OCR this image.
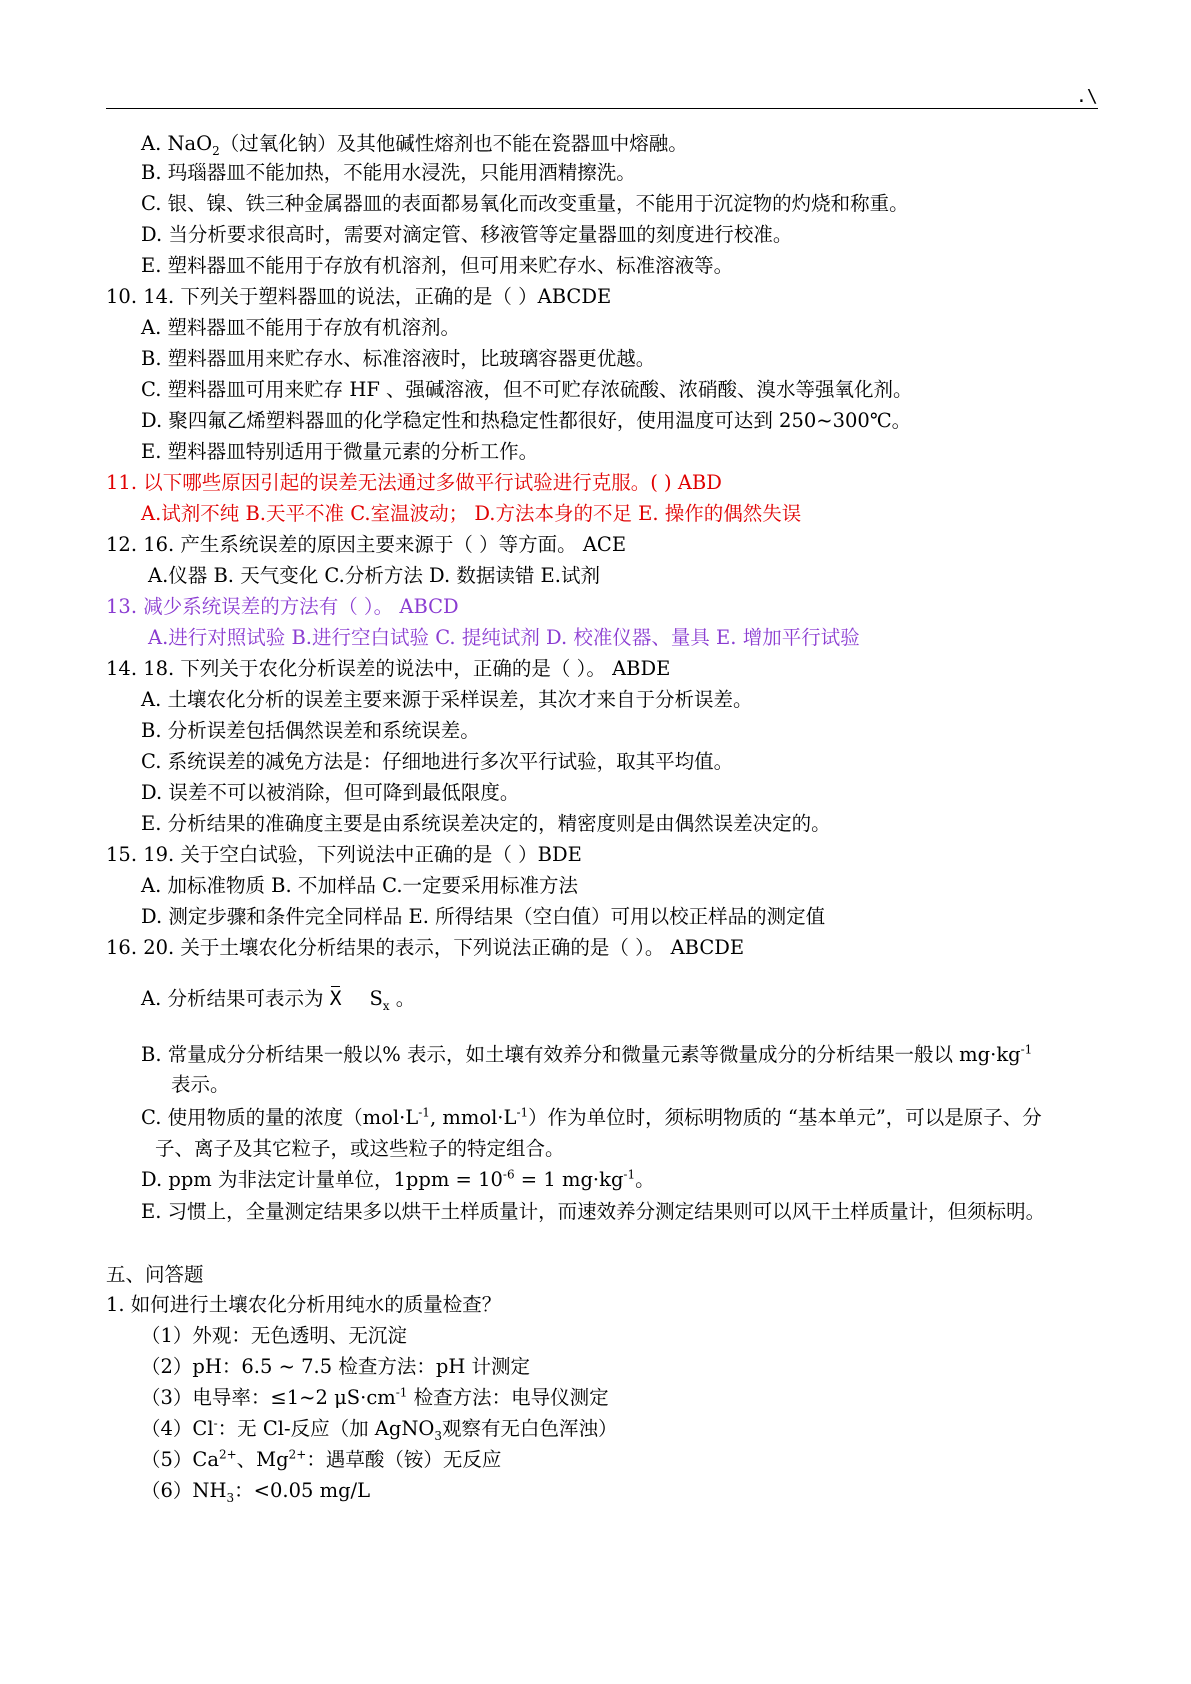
.\
A. NaO$_2$（过氧化钠）及其他碱性熔剂也不能在瓷器皿中熔融。
B. 玛瑙器皿不能加热，不能用水浸洗，只能用酒精擦洗。
C. 银、镍、铁三种金属器皿的表面都易氧化而改变重量，不能用于沉淀物的灼烧和称重。
D. 当分析要求很高时，需要对滴定管、移液管等定量器皿的刻度进行校准。
E. 塑料器皿不能用于存放有机溶剂，但可用来贮存水、标准溶液等。
10. 14. 下列关于塑料器皿的说法，正确的是（ ）ABCDE
A. 塑料器皿不能用于存放有机溶剂。
B. 塑料器皿用来贮存水、标准溶液时，比玻璃容器更优越。
C. 塑料器皿可用来贮存 HF 、强碱溶液，但不可贮存浓硫酸、浓硝酸、溴水等强氧化剂。
D. 聚四氟乙烯塑料器皿的化学稳定性和热稳定性都很好，使用温度可达到 250~300℃。
E. 塑料器皿特别适用于微量元素的分析工作。
11. 以下哪些原因引起的误差无法通过多做平行试验进行克服。( ) ABD
A.试剂不纯 B.天平不准 C.室温波动； D.方法本身的不足 E. 操作的偶然失误
12. 16. 产生系统误差的原因主要来源于（ ）等方面。 ACE
A.仪器 B. 天气变化 C.分析方法 D. 数据读错 E.试剂
13. 减少系统误差的方法有（ ）。 ABCD
A.进行对照试验 B.进行空白试验 C. 提纯试剂 D. 校准仪器、量具 E. 增加平行试验
14. 18. 下列关于农化分析误差的说法中，正确的是（ ）。 ABDE
A. 土壤农化分析的误差主要来源于采样误差，其次才来自于分析误差。
B. 分析误差包括偶然误差和系统误差。
C. 系统误差的减免方法是：仔细地进行多次平行试验，取其平均值。
D. 误差不可以被消除，但可降到最低限度。
E. 分析结果的准确度主要是由系统误差决定的，精密度则是由偶然误差决定的。
15. 19. 关于空白试验，下列说法中正确的是（ ）BDE
A. 加标准物质 B. 不加样品 C.一定要采用标准方法
D. 测定步骤和条件完全同样品 E. 所得结果（空白值）可用以校正样品的测定值
16. 20. 关于土壤农化分析结果的表示，下列说法正确的是（ ）。 ABCDE
A. 分析结果可表示为 X $S_x$ 。
B. 常量成分分析结果一般以% 表示，如土壤有效养分和微量元素等微量成分的分析结果一般以 $mg\cdot kg^{-1}$
表示。
C. 使用物质的量的浓度（$mol\cdot L^{-1}$, $mmol\cdot L^{-1}$）作为单位时，须标明物质的 “基本单元”，可以是原子、分
子、离子及其它粒子，或这些粒子的特定组合。
D. ppm 为非法定计量单位，$1ppm = 10^{-6} = 1$ $mg\cdot kg^{-1}$。
E. 习惯上，全量测定结果多以烘干土样质量计，而速效养分测定结果则可以风干土样质量计，但须标明。
五、问答题
1. 如何进行土壤农化分析用纯水的质量检查？
（1）外观：无色透明、无沉淀
（2）pH：6.5 ~ 7.5 检查方法：pH 计测定
（3）电导率：≤1~2 $\mu S\cdot cm^{-1}$ 检查方法：电导仪测定
（4）Cl-：无 Cl-反应（加 AgNO$_3$观察有无白色浑浊）
$(5)Ca^{2+}$、$Mg^{2+}$：遇草酸（铵）无反应
$(6)NH_3$：<0.05 mg/L
